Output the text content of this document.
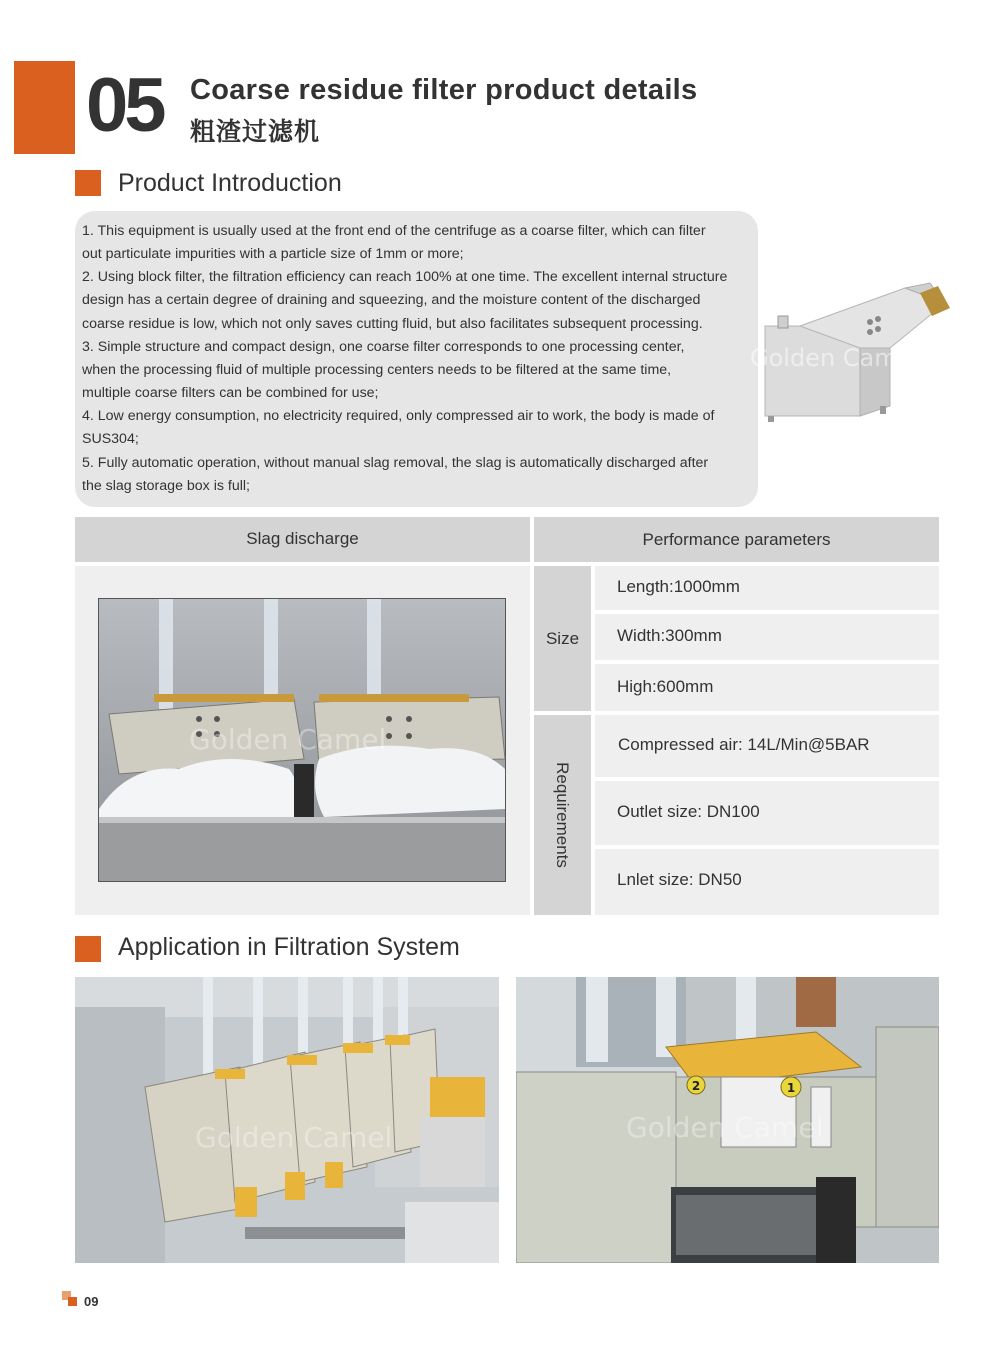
05 Coarse residue filter product details
粗渣过滤机
Product Introduction

1. This equipment is usually used at the front end of the centrifuge as a coarse filter, which can filter

out particulate impurities with a particle size of 1mm or more;

2. Using block filter, the filtration efficiency can reach 100% at one time. The excellent internal structure

design has a certain degree of draining and squeezing, and the moisture content of the discharged

coarse residue is low, which not only saves cutting fluid, but also facilitates subsequent processing.

3. Simple structure and compact design, one coarse filter corresponds to one processing center,

when the processing fluid of multiple processing centers needs to be filtered at the same time,

multiple coarse filters can be combined for use;

4. Low energy consumption, no electricity required, only compressed air to work, the body is made of

SUS304;

5. Fully automatic operation, without manual slag removal, the slag is automatically discharged after

the slag storage box is full;

Golden Camel
Slag discharge	Performance parameters
Golden Camel
Size
Length:1000mm
Width:300mm
High:600mm
Requirements
Compressed air: 14L/Min@5BAR
Outlet size: DN100
Lnlet size: DN50
Application in Filtration System
Golden Camel
2	1
Golden Camel
09
